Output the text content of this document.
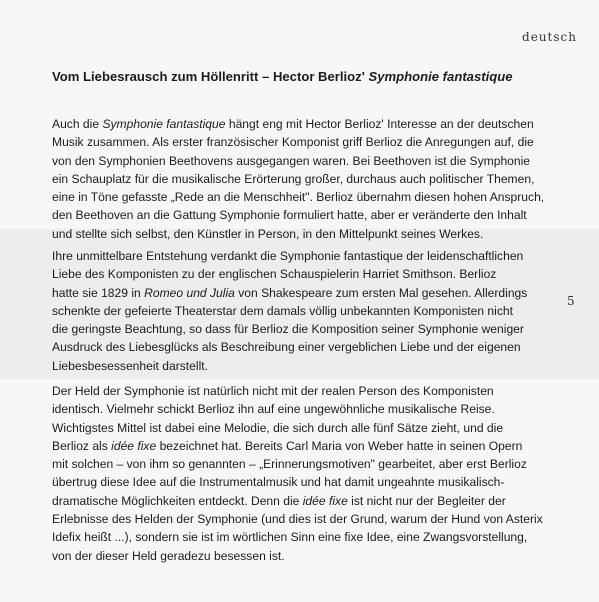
deutsch
5
Vom Liebesrausch zum Höllenritt – Hector Berlioz' Symphonie fantastique
Auch die Symphonie fantastique hängt eng mit Hector Berlioz' Interesse an der deutschen
Musik zusammen. Als erster französischer Komponist griff Berlioz die Anregungen auf, die
von den Symphonien Beethovens ausgegangen waren. Bei Beethoven ist die Symphonie
ein Schauplatz für die musikalische Erörterung großer, durchaus auch politischer Themen,
eine in Töne gefasste „Rede an die Menschheit". Berlioz übernahm diesen hohen Anspruch,
den Beethoven an die Gattung Symphonie formuliert hatte, aber er veränderte den Inhalt
und stellte sich selbst, den Künstler in Person, in den Mittelpunkt seines Werkes.
Ihre unmittelbare Entstehung verdankt die Symphonie fantastique der leidenschaftlichen
Liebe des Komponisten zu der englischen Schauspielerin Harriet Smithson. Berlioz
hatte sie 1829 in Romeo und Julia von Shakespeare zum ersten Mal gesehen. Allerdings
schenkte der gefeierte Theaterstar dem damals völlig unbekannten Komponisten nicht
die geringste Beachtung, so dass für Berlioz die Komposition seiner Symphonie weniger
Ausdruck des Liebesglücks als Beschreibung einer vergeblichen Liebe und der eigenen
Liebesbesessenheit darstellt.
Der Held der Symphonie ist natürlich nicht mit der realen Person des Komponisten
identisch. Vielmehr schickt Berlioz ihn auf eine ungewöhnliche musikalische Reise.
Wichtigstes Mittel ist dabei eine Melodie, die sich durch alle fünf Sätze zieht, und die
Berlioz als idée fixe bezeichnet hat. Bereits Carl Maria von Weber hatte in seinen Opern
mit solchen – von ihm so genannten – „Erinnerungsmotiven" gearbeitet, aber erst Berlioz
übertrug diese Idee auf die Instrumentalmusik und hat damit ungeahnte musikalisch-
dramatische Möglichkeiten entdeckt. Denn die idée fixe ist nicht nur der Begleiter der
Erlebnisse des Helden der Symphonie (und dies ist der Grund, warum der Hund von Asterix
Idefix heißt ...), sondern sie ist im wörtlichen Sinn eine fixe Idee, eine Zwangsvorstellung,
von der dieser Held geradezu besessen ist.
